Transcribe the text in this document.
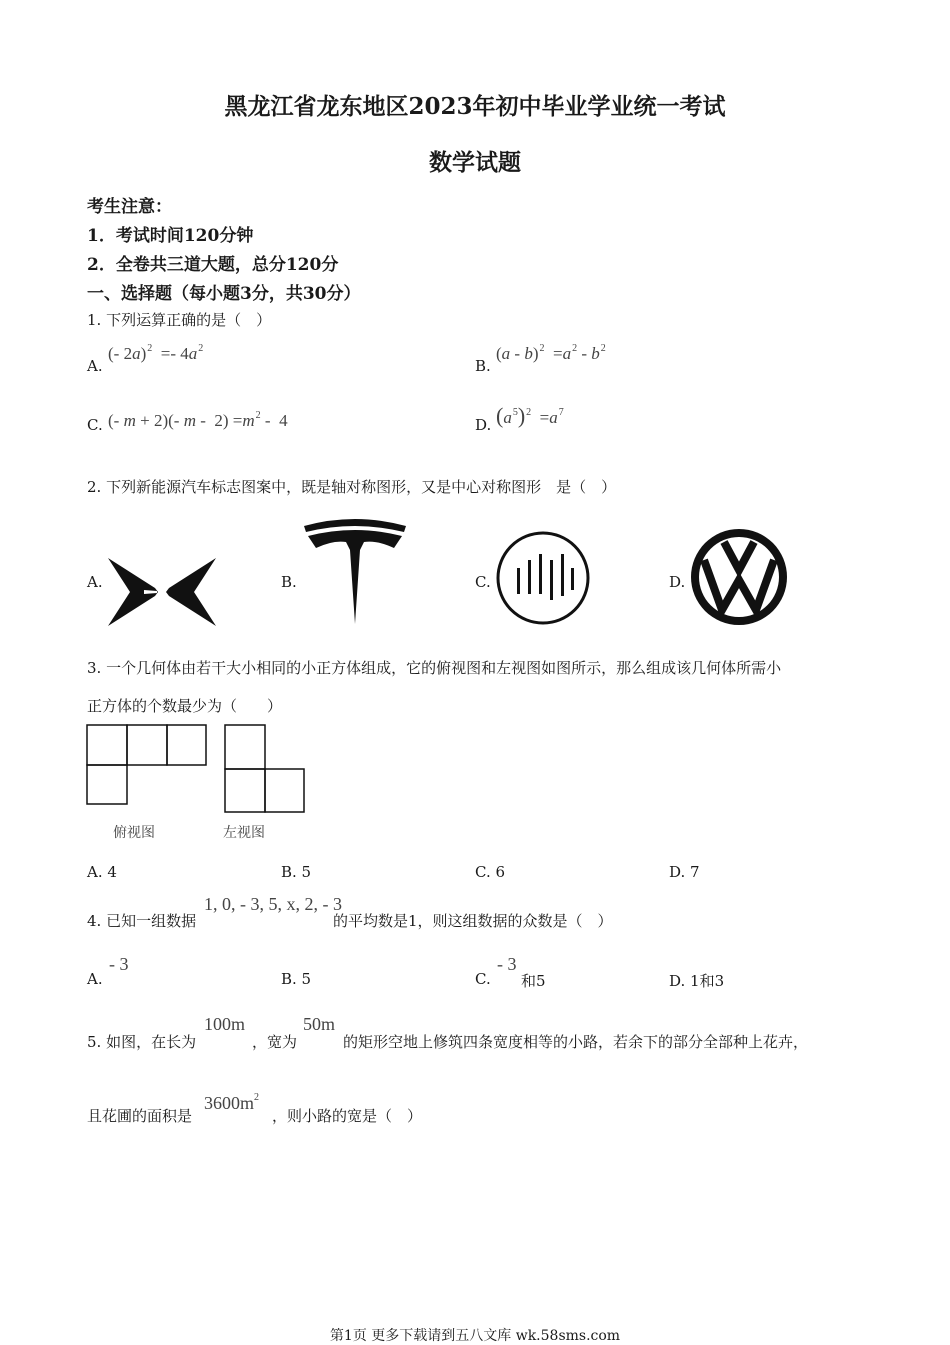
黑龙江省龙东地区2023年初中毕业学业统一考试
数学试题
考生注意：
1．考试时间120分钟
2．全卷共三道大题，总分120分
一、选择题（每小题3分，共30分）
1. 下列运算正确的是（　）
A.
(- $2a)^2 =- 4a^2$
B.
$(a - b)^2 =a^2 - b^2$
C. (- m + 2)(- $m - 2) =m^2 - 4$	D. $(a^5)^2 =a^7$
2. 下列新能源汽车标志图案中，既是轴对称图形，又是中心对称图形　是（　）
A.	B.	C.	D.
3. 一个几何体由若干大小相同的小正方体组成，它的俯视图和左视图如图所示，那么组成该几何体所需小
正方体的个数最少为（　　）
俯视图	左视图
A. 4	B. 5	C. 6	D. 7
4. 已知一组数据
1, 0, - 3, 5, x, 2, - 3
的平均数是1，则这组数据的众数是（　）
A.
- 3
B. 5	C.
- 3
和5	D. 1和3
5. 如图，在长为
100m
，宽为
50m
的矩形空地上修筑四条宽度相等的小路，若余下的部分全部种上花卉，
且花圃的面积是
$3600m^2$
，则小路的宽是（　）
第1页 更多下载请到五八文库 wk.58sms.com
